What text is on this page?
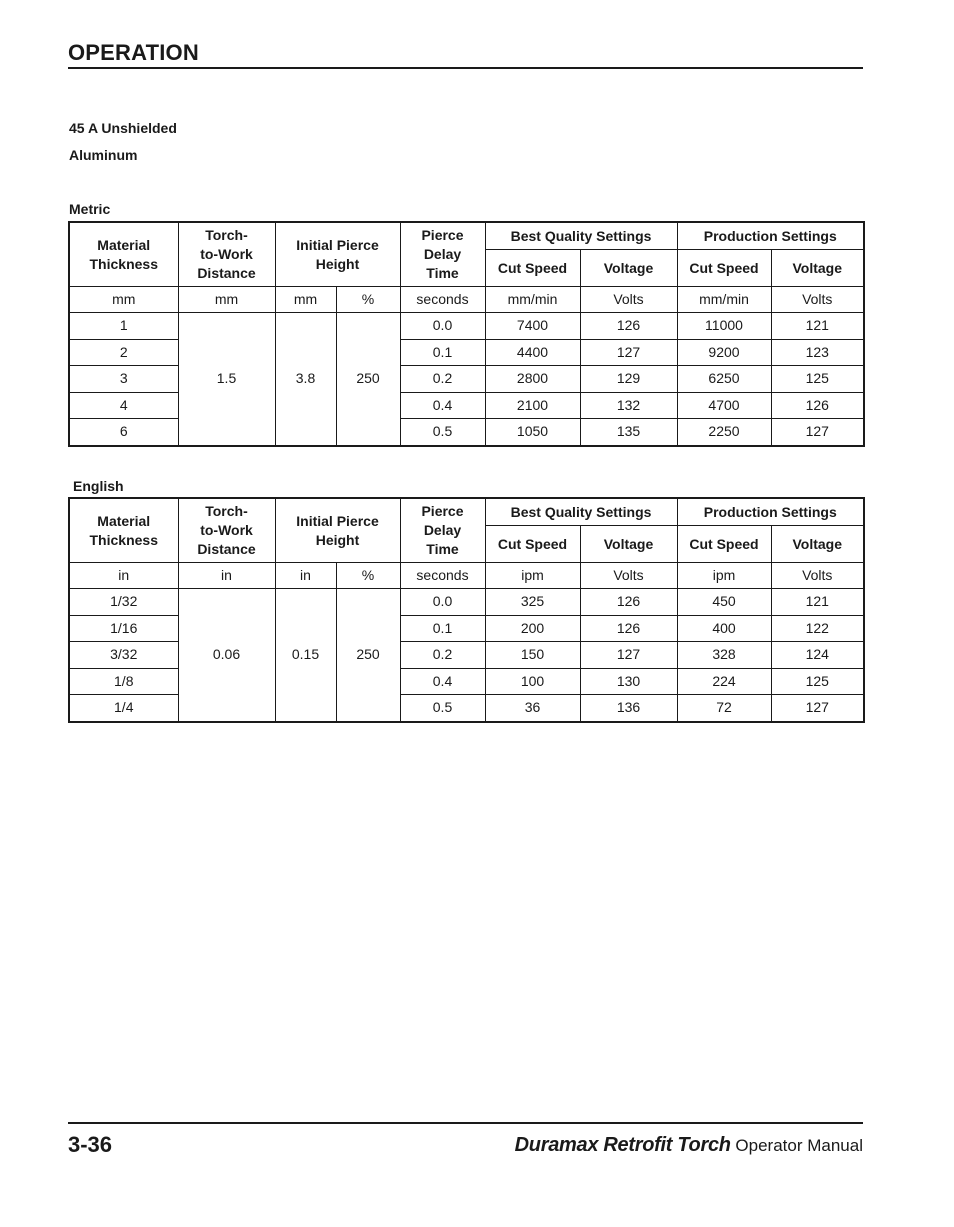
OPERATION
45 A Unshielded
Aluminum
Metric
Material Thickness	Torch- to-Work Distance	Initial Pierce Height		Pierce Delay Time	Best Quality Settings		Production Settings	
					Cut Speed	Voltage	Cut Speed	Voltage
mm	mm	mm	%	seconds	mm/min	Volts	mm/min	Volts
1	1.5	3.8	250	0.0	7400	126	11000	121
2				0.1	4400	127	9200	123
3				0.2	2800	129	6250	125
4				0.4	2100	132	4700	126
6				0.5	1050	135	2250	127
English
Material Thickness	Torch- to-Work Distance	Initial Pierce Height		Pierce Delay Time	Best Quality Settings		Production Settings	
					Cut Speed	Voltage	Cut Speed	Voltage
in	in	in	%	seconds	ipm	Volts	ipm	Volts
1/32	0.06	0.15	250	0.0	325	126	450	121
1/16				0.1	200	126	400	122
3/32				0.2	150	127	328	124
1/8				0.4	100	130	224	125
1/4				0.5	36	136	72	127
3-36	Duramax Retrofit Torch Operator Manual
